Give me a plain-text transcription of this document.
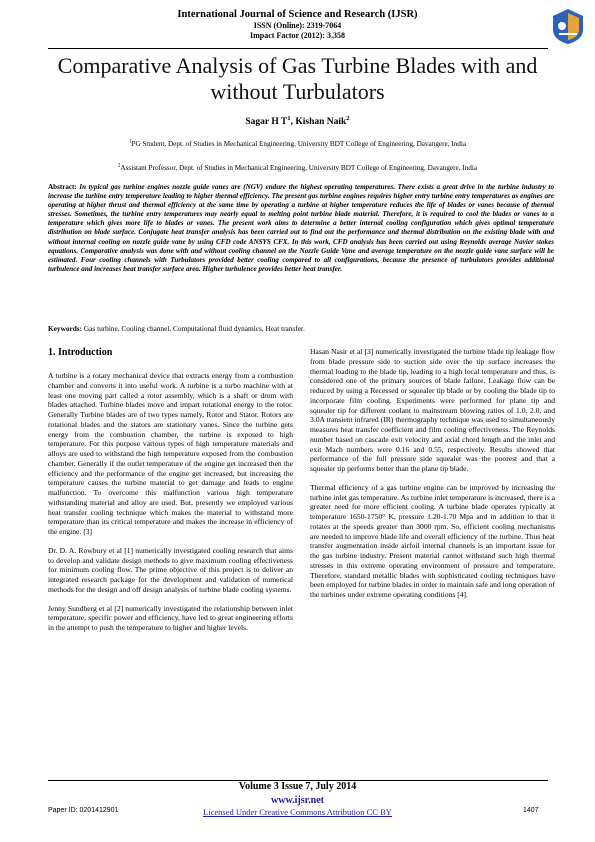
International Journal of Science and Research (IJSR)
ISSN (Online): 2319-7064
Impact Factor (2012): 3.358
Comparative Analysis of Gas Turbine Blades with and without Turbulators
Sagar H $T^1$, Kishan Naik$^2$
$^1$PG Student, Dept. of Studies in Mechanical Engineering, University BDT College of Engineering, Davangere, India
$^2$Assistant Professor, Dept. of Studies in Mechanical Engineering, University BDT College of Engineering, Davangere, India
Abstract: In typical gas turbine engines nozzle guide vanes are (NGV) endure the highest operating temperatures. There exists a great drive in the turbine industry to increase the turbine entry temperature leading to higher thermal efficiency. The present gas turbine engines requires higher entry turbine entry temperatures as engines are operating at higher thrust and thermal efficiency at the same time by operating a turbine at higher temperature reduces the life of blades or vanes because of thermal stresses. Sometimes, the turbine entry temperatures may nearly equal to melting point turbine blade material. Therefore, it is required to cool the blades or vanes to a temperature which gives more life to blades or vanes. The present work aims to determine a better internal cooling configuration which gives optimal temperature distribution on blade surface. Conjugate heat transfer analysis has been carried out to find out the performance and thermal distribution on the existing blade with and without internal cooling on nozzle guide vane by using CFD code ANSYS CFX. In this work, CFD analysis has been carried out using Reynolds average Navier stokes equations. Comparative analysis was done with and without cooling channel on the Nozzle Guide Vane and average temperature on the nozzle guide vane surface will be estimated. Four cooling channels with Turbulators provided better cooling compared to all configurations, because the presence of turbulators provides additional turbulence and increases heat transfer surface area. Higher turbulence provides better heat transfer.
Keywords: Gas turbine, Cooling channel, Computational fluid dynamics, Heat transfer.
1. Introduction

A turbine is a rotary mechanical device that extracts energy from a combustion chamber and converts it into useful work. A turbine is a turbo machine with at least one moving part called a rotor assembly, which is a shaft or drum with blades attached. Turbine blades move and impart rotational energy to the rotor. Generally Turbine blades are of two types namely, Rotor and Stator. Rotors are rotational blades and the stators are stationary vanes. Since the turbine gets energy from the combustion chamber, the turbine is exposed to high temperature. For this purpose various types of high temperature materials and alloys are used to withstand the high temperature exposed from the combustion chamber. Generally if the outlet temperature of the engine get increased then the efficiency and the performance of the engine get increased, but increasing the temperature causes the turbine material to get damage and leads to engine malfunction. To overcome this malfunction various high temperature withstanding material and alloy are used. But, presently we employed various heat transfer cooling technique which makes the material to withstand more temperature than its critical temperature and makes the increase in efficiency of the engine. [3]

Dr. D. A. Rowbury et al [1] numerically investigated cooling research that aims to develop and validate design methods to give maximum cooling effectiveness for minimum cooling flow. The prime objective of this project is to deliver an integrated research package for the development and validation of numerical methods for the design and off design analysis of turbine blade cooling systems.

Jenny Sundberg et al [2] numerically investigated the relationship between inlet temperature, specific power and efficiency, have led to great engineering efforts in the attempt to push the temperature to higher and higher levels.

Hasan Nasir et al [3] numerically investigated the turbine blade tip leakage flow from blade pressure side to suction side over the tip surface increases the thermal loading to the blade tip, leading to a high local temperature and thus, is considered one of the primary sources of blade failure. Leakage flow can be reduced by using a Recessed or squealer tip blade or by cooling the blade tip to incorporate film cooling. Experiments were performed for plane tip and squealer tip for different coolant to mainstream blowing ratios of 1.0, 2.0, and 3.0A transient infrared (IR) thermography technique was used to simultaneously measures heat transfer coefficient and film cooling effectiveness. The Reynolds number based on cascade exit velocity and axial chord length and the inlet and exit Mach numbers were 0.16 and 0.55, respectively. Results showed that performance of the full pressure side squealer was the poorest and that a squealer tip performs better than the plane tip blade.

Thermal efficiency of a gas turbine engine can be improved by increasing the turbine inlet gas temperature. As turbine inlet temperature is increased, there is a greater need for more efficient cooling. A turbine blade operates typically at temperature 1650-1750° K, pressure 1.20-1.70 Mpa and in addition to that it rotates at the speeds greater than 3000 rpm. So, efficient cooling mechanisms are needed to improve blade life and overall efficiency of the turbine. Thus heat transfer augmentation inside airfoil internal channels is an important issue for the gas turbine industry. Present material cannot withstand such high thermal stresses in this extreme operating environment of pressure and temperature. Therefore, standard metallic blades with sophisticated cooling techniques have been employed for turbine blades in order to maintain safe and long operation of the turbines under extreme operating conditions [4].

Volume 3 Issue 7, July 2014
www.ijsr.net
Licensed Under Creative Commons Attribution CC BY
Paper ID: 0201412901	1407
